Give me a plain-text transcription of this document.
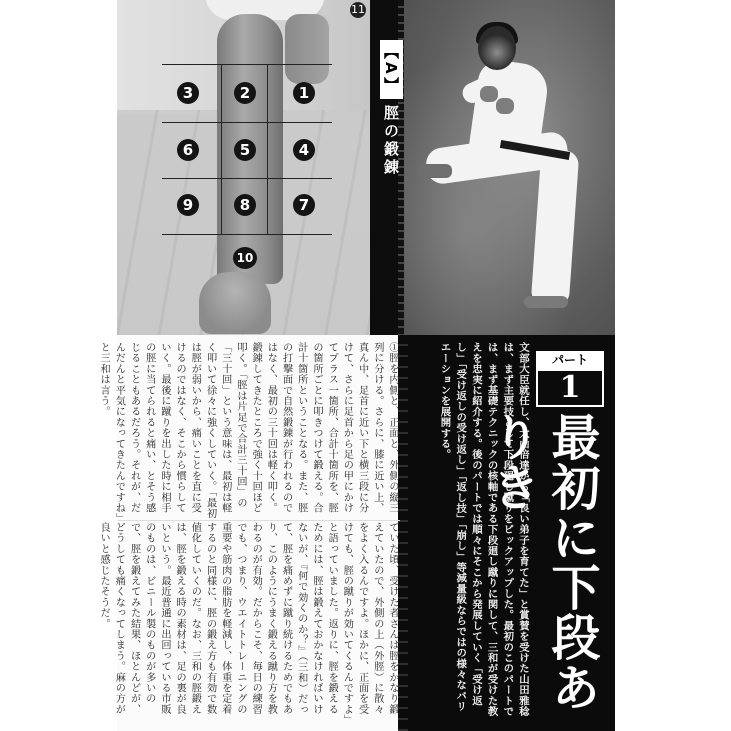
3	2	1
6	5	4
9	8	7
10
11
【A】脛の鍛錬
文部大臣就任し、大山倍達から「良い弟子を育てた」と賞賛を受けた山田雅稔は、まず主要技として下段廻し蹴りをピックアップした。最初のこのパートでは、まず基礎テクニックの核軸である下段廻し蹴りに関して、三和が受けた教えを忠実に紹介する。後のパートでは順々にそこから発展していく「受け返し」「受け返しの受け返し」「返し技」「崩し」等減量級ならではの様々なバリエーションを展開する。	パート
1
最初に下段ありき
①脛を内側と、正面と、外側の縦三列に分ける。さらに、膝に近い上、真ん中、足首に近い下と横三段に分けて、さらに足首から足の甲にかけてプラス一箇所、合計十箇所を、脛の箇所ごとに叩きつけて鍛える。合計十箇所ということなる。また、脛の打撃面で自然鍛錬が行われるのではなく、最初の三十回は軽く叩く。鍛錬してきたところで強く十回ほど叩く。「脛は片足で合計三十回」の「三十回」という意味は、最初は軽く叩いて徐々に強くしていく。「最初は脛が弱いから、痛いことを直に受けるのではなく、そこから慣らしていく。最後に蹴りを出した時に相手の脛に当てられると痛い、とそう感じることもあるだろう。それが、だんだんと平気になってきたんですね」と三和は言う。
ていた頃、受けた者さんは脛をかなり鍛えていたので、外側の上（外脛）に散々をよく入るんですよ。ほかに、正面を受けても、脛の蹴りが効いてくるんですよ」と語っていました。返りに、脛を鍛えるためには、脛は鍛えておかなければいけないが、『何で効くのか？』（三和）だって、脛を痛めずに蹴り続けるためでもあり、このようにうまく鍛える蹴り方を教わるのが有効。だからこそ、毎日の練習でも、つまり、ウエイトトレーニングの重要や筋肉の脂肪を軽減し、体重を定着するのと同様に、脛の鍛え方も有効で数値化していくのだ。なお、三和の脛鍛えは、脛を鍛える時の素材は、足の裏が良いという。最近普通に出回っている市販のものは、ビニール製のものが多いので、脛を鍛えてみた結果、ほとんどが、どうしても痛くなってしまう。麻の方が良いと感じたそうだ。
